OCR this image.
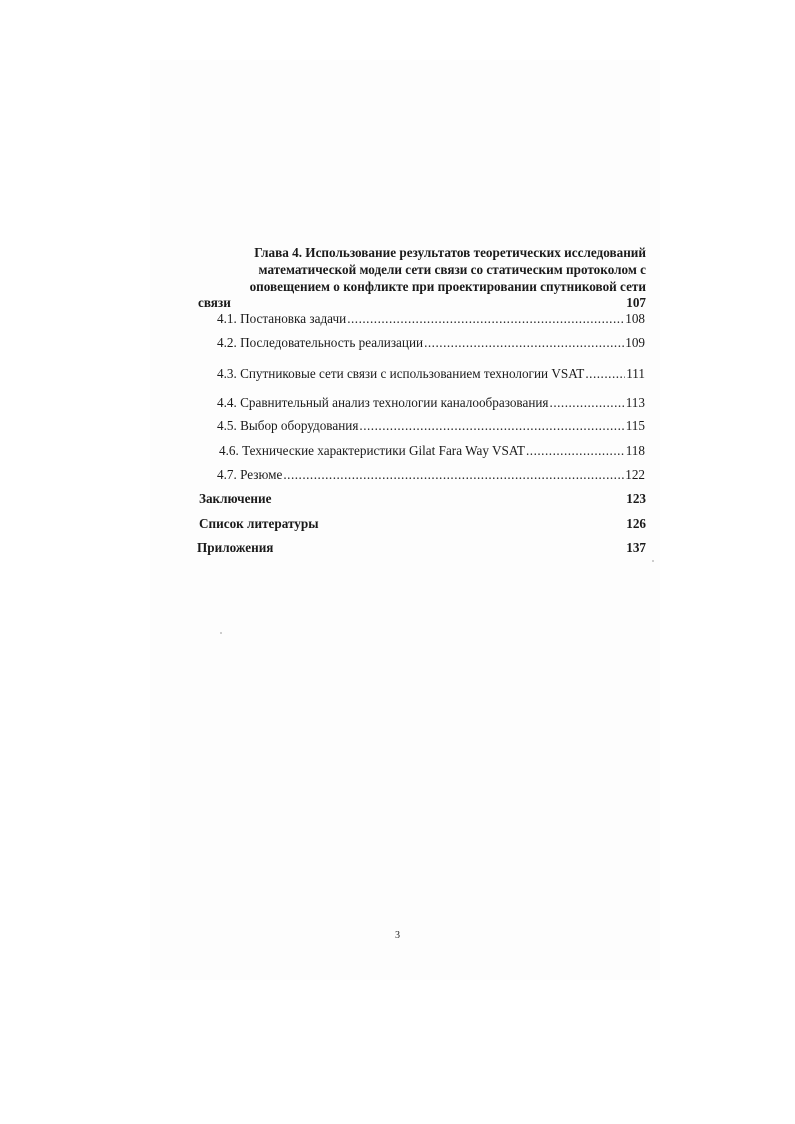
Глава 4. Использование результатов теоретических исследований
математической модели сети связи со статическим протоколом с
оповещением о конфликте при проектировании спутниковой сети
связи	107
4.1. Постановка задачи .....	108
4.2. Последовательность реализации .....	109
4.3. Спутниковые сети связи с использованием технологии VSAT .....	111
4.4. Сравнительный анализ технологии каналообразования .....	113
4.5. Выбор оборудования .....	115
4.6. Технические характеристики Gilat Fara Way VSAT .....	118
4.7. Резюме .....	122
Заключение	123
Список литературы	126
Приложения	137
3
